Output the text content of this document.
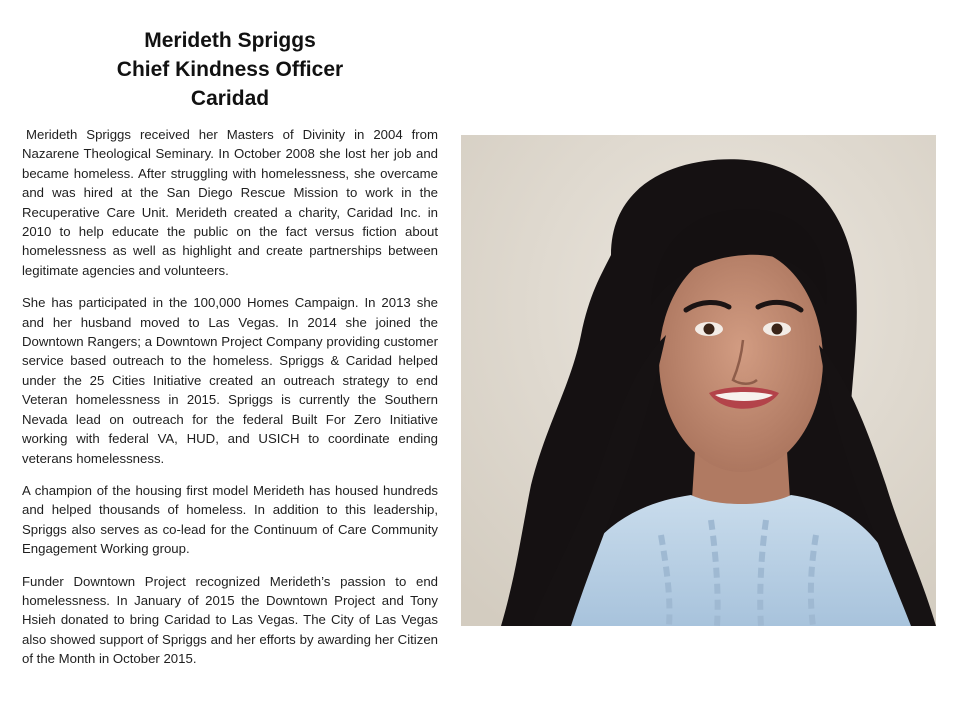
Merideth Spriggs
Chief Kindness Officer
Caridad

Merideth Spriggs received her Masters of Divinity in 2004 from Nazarene Theological Seminary. In October 2008 she lost her job and became homeless. After struggling with homelessness, she overcame and was hired at the San Diego Rescue Mission to work in the Recuperative Care Unit. Merideth created a charity, Caridad Inc. in 2010 to help educate the public on the fact versus fiction about homelessness as well as highlight and create partnerships between legitimate agencies and volunteers.

She has participated in the 100,000 Homes Campaign. In 2013 she and her husband moved to Las Vegas. In 2014 she joined the Downtown Rangers; a Downtown Project Company providing customer service based outreach to the homeless. Spriggs & Caridad helped under the 25 Cities Initiative created an outreach strategy to end Veteran homelessness in 2015. Spriggs is currently the Southern Nevada lead on outreach for the federal Built For Zero Initiative working with federal VA, HUD, and USICH to coordinate ending veterans homelessness.

A champion of the housing first model Merideth has housed hundreds and helped thousands of homeless. In addition to this leadership, Spriggs also serves as co-lead for the Continuum of Care Community Engagement Working group.

Funder Downtown Project recognized Merideth’s passion to end homelessness. In January of 2015 the Downtown Project and Tony Hsieh donated to bring Caridad to Las Vegas. The City of Las Vegas also showed support of Spriggs and her efforts by awarding her Citizen of the Month in October 2015.
